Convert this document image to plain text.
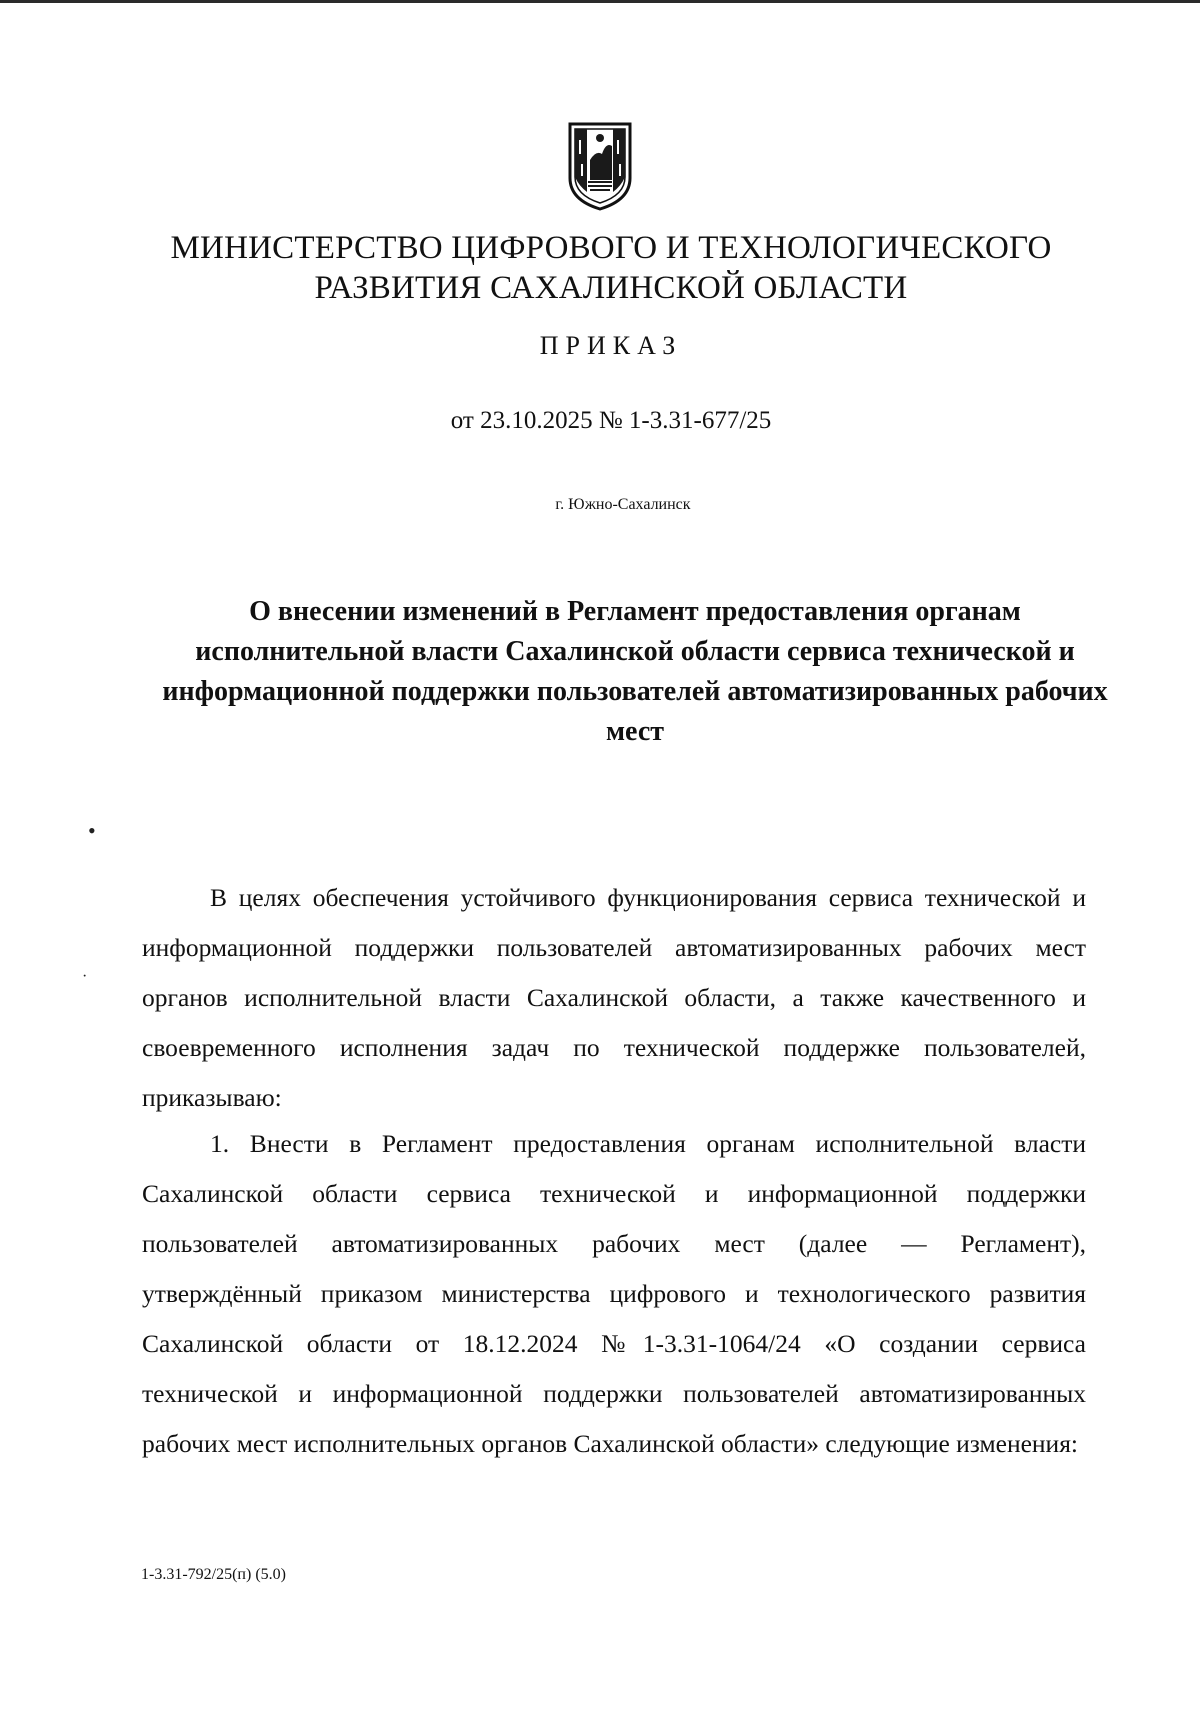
МИНИСТЕРСТВО ЦИФРОВОГО И ТЕХНОЛОГИЧЕСКОГО
РАЗВИТИЯ САХАЛИНСКОЙ ОБЛАСТИ
ПРИКАЗ
от 23.10.2025 № 1-3.31-677/25
г. Южно-Сахалинск
О внесении изменений в Регламент предоставления органам исполнительной власти Сахалинской области сервиса технической и информационной поддержки пользователей автоматизированных рабочих мест

В целях обеспечения устойчивого функционирования сервиса технической и информационной поддержки пользователей автоматизированных рабочих мест органов исполнительной власти Сахалинской области, а также качественного и своевременного исполнения задач по технической поддержке пользователей, приказываю:

1. Внести в Регламент предоставления органам исполнительной власти Сахалинской области сервиса технической и информационной поддержки пользователей автоматизированных рабочих мест (далее — Регламент), утверждённый приказом министерства цифрового и технологического развития Сахалинской области от 18.12.2024 №1-3.31-1064/24 «О создании сервиса технической и информационной поддержки пользователей автоматизированных рабочих мест исполнительных органов Сахалинской области» следующие изменения:

1-3.31-792/25(п) (5.0)
•
·
